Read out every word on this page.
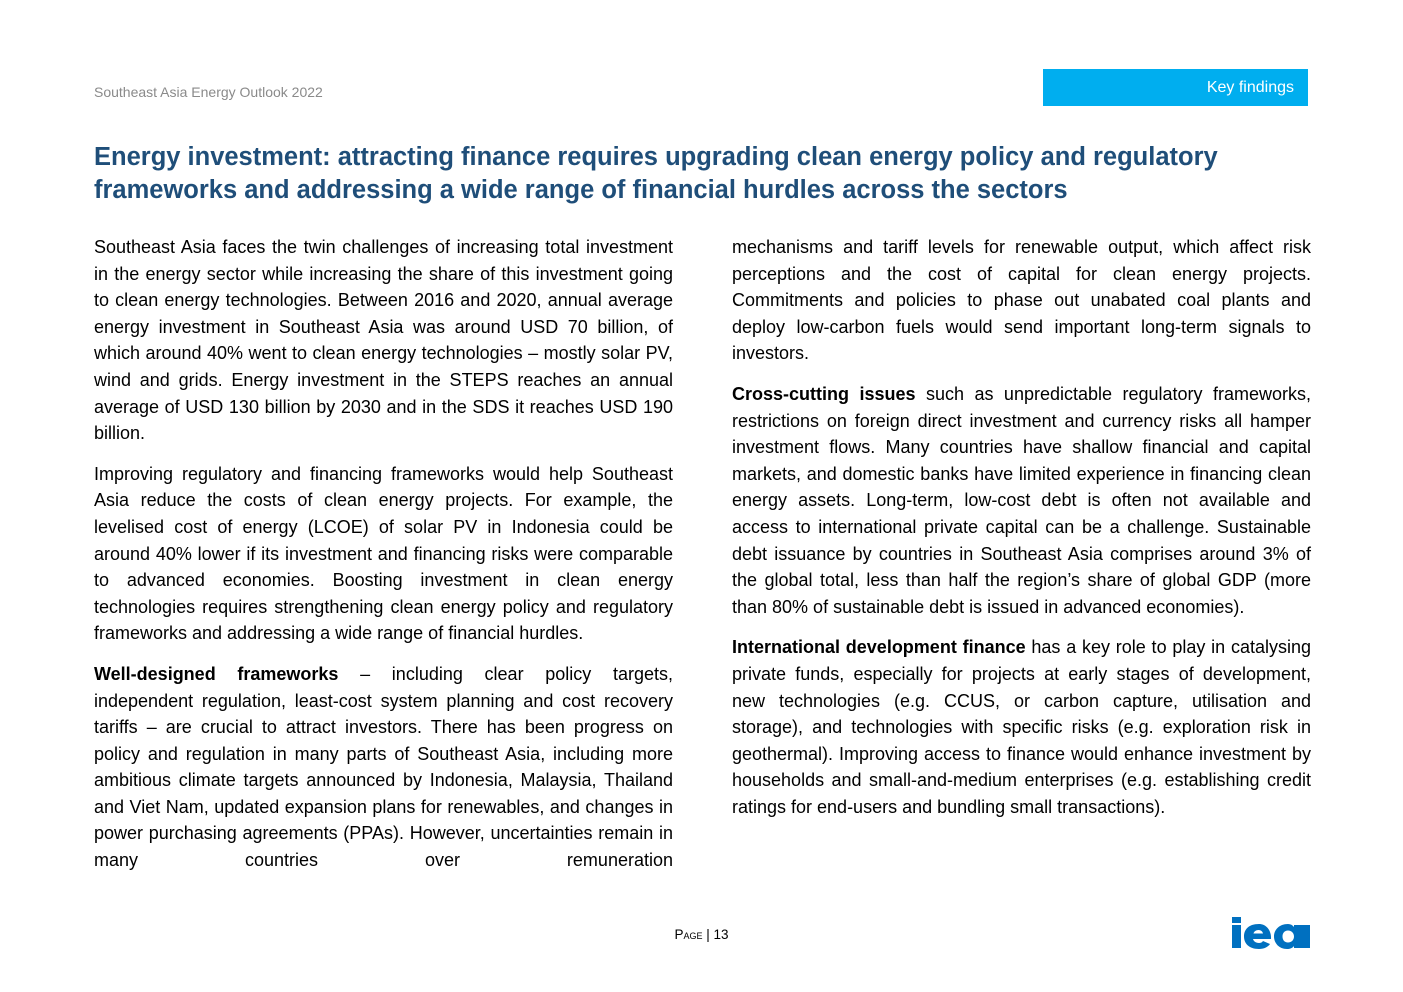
Southeast Asia Energy Outlook 2022	Key findings
Energy investment: attracting finance requires upgrading clean energy policy and regulatory frameworks and addressing a wide range of financial hurdles across the sectors

Southeast Asia faces the twin challenges of increasing total investment in the energy sector while increasing the share of this investment going to clean energy technologies. Between 2016 and 2020, annual average energy investment in Southeast Asia was around USD 70 billion, of which around 40% went to clean energy technologies – mostly solar PV, wind and grids. Energy investment in the STEPS reaches an annual average of USD 130 billion by 2030 and in the SDS it reaches USD 190 billion.

Improving regulatory and financing frameworks would help Southeast Asia reduce the costs of clean energy projects. For example, the levelised cost of energy (LCOE) of solar PV in Indonesia could be around 40% lower if its investment and financing risks were comparable to advanced economies. Boosting investment in clean energy technologies requires strengthening clean energy policy and regulatory frameworks and addressing a wide range of financial hurdles.

Well-designed frameworks – including clear policy targets, independent regulation, least-cost system planning and cost recovery tariffs – are crucial to attract investors. There has been progress on policy and regulation in many parts of Southeast Asia, including more ambitious climate targets announced by Indonesia, Malaysia, Thailand and Viet Nam, updated expansion plans for renewables, and changes in power purchasing agreements (PPAs). However, uncertainties remain in many countries over remuneration

mechanisms and tariff levels for renewable output, which affect risk perceptions and the cost of capital for clean energy projects. Commitments and policies to phase out unabated coal plants and deploy low-carbon fuels would send important long-term signals to investors.

Cross-cutting issues such as unpredictable regulatory frameworks, restrictions on foreign direct investment and currency risks all hamper investment flows. Many countries have shallow financial and capital markets, and domestic banks have limited experience in financing clean energy assets. Long-term, low-cost debt is often not available and access to international private capital can be a challenge. Sustainable debt issuance by countries in Southeast Asia comprises around 3% of the global total, less than half the region’s share of global GDP (more than 80% of sustainable debt is issued in advanced economies).

International development finance has a key role to play in catalysing private funds, especially for projects at early stages of development, new technologies (e.g. CCUS, or carbon capture, utilisation and storage), and technologies with specific risks (e.g. exploration risk in geothermal). Improving access to finance would enhance investment by households and small-and-medium enterprises (e.g. establishing credit ratings for end-users and bundling small transactions).

Page | 13
